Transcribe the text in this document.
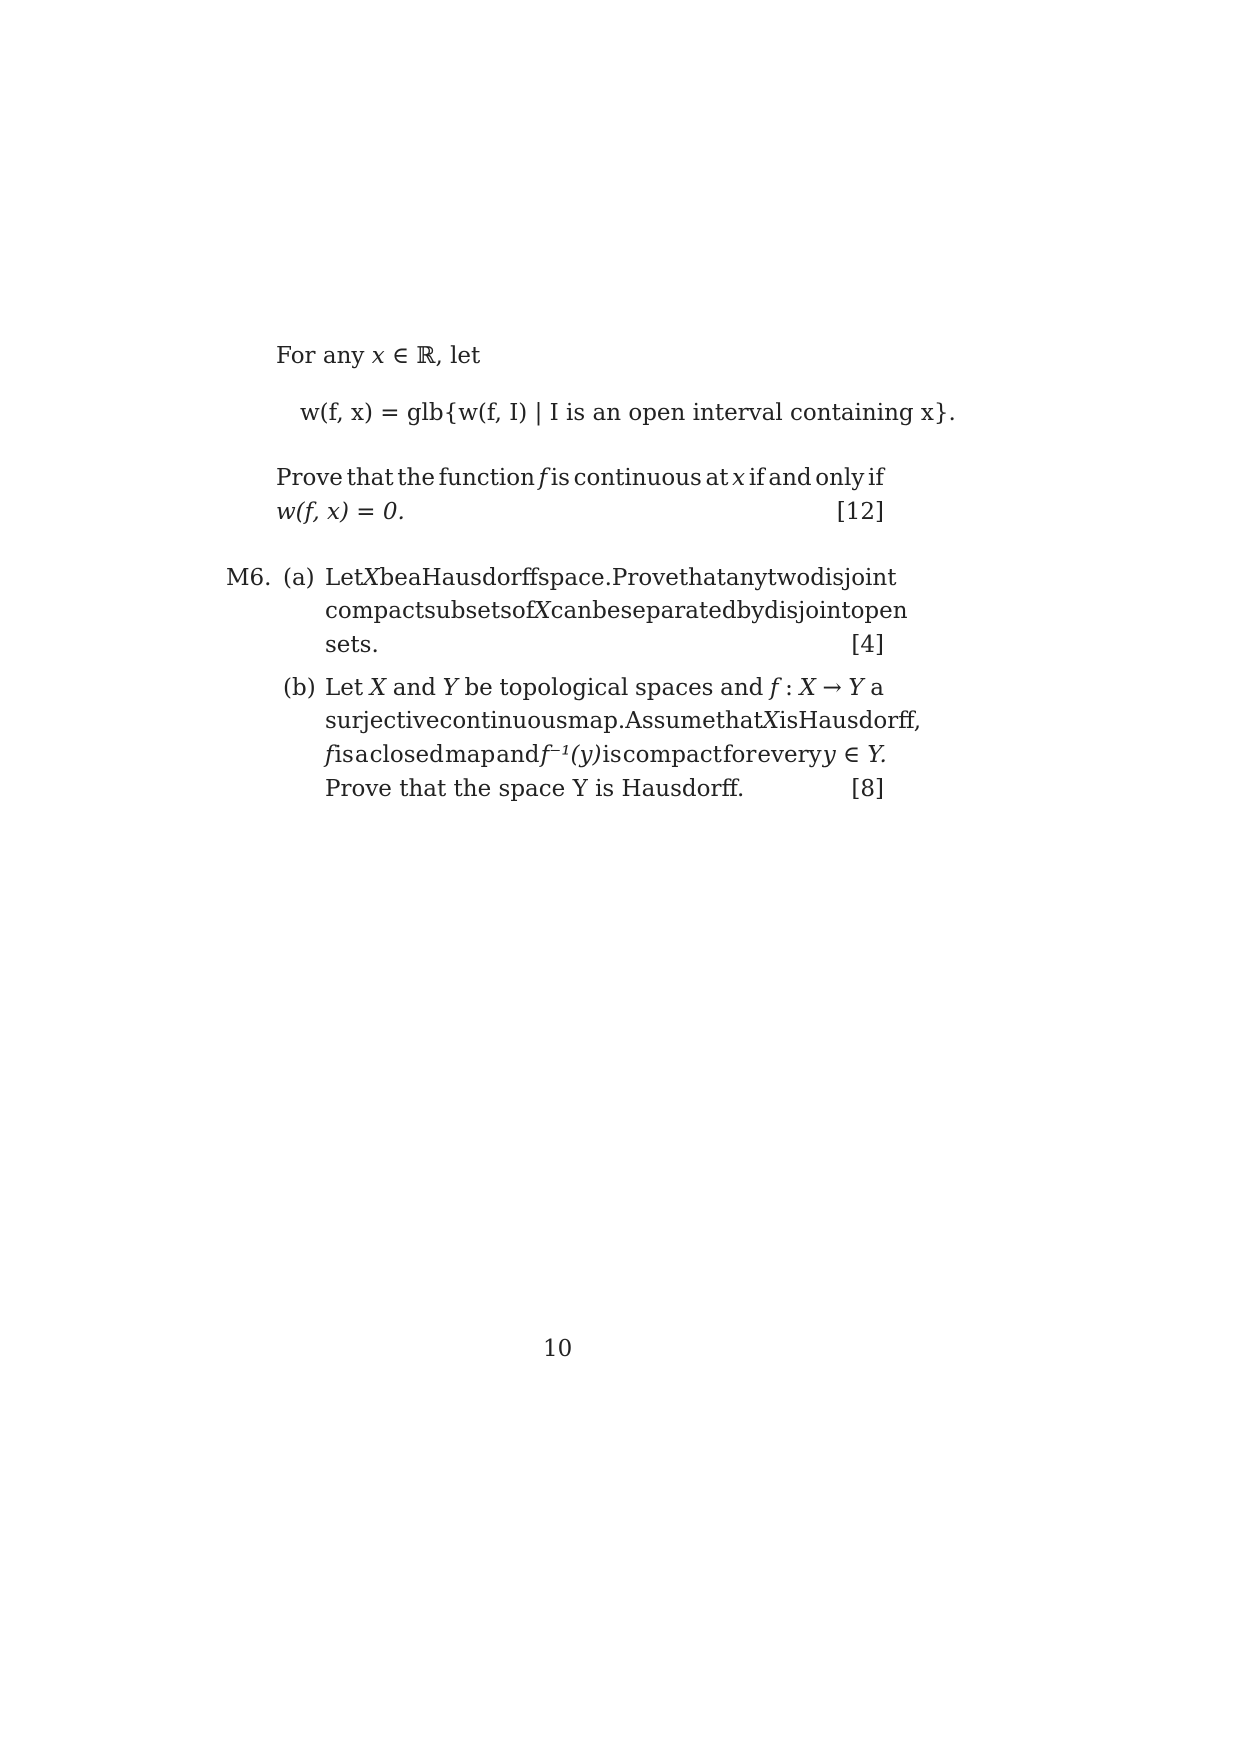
For any x ∈ ℝ, let
w(f, x) = glb{w(f, I) | I is an open interval containing x}.
Prove that the function f is continuous at x if and only if
w(f, x) = 0.	[12]
M6. (a) Let X be a Hausdorff space. Prove that any two disjoint
compact subsets of X can be separated by disjoint open
sets.	[4]
(b) Let X and Y be topological spaces and f : X → Y a
surjective continuous map. Assume that X is Hausdorff,
f is a closed map and f⁻¹(y) is compact for every y ∈ Y.
Prove that the space Y is Hausdorff.	[8]
10
